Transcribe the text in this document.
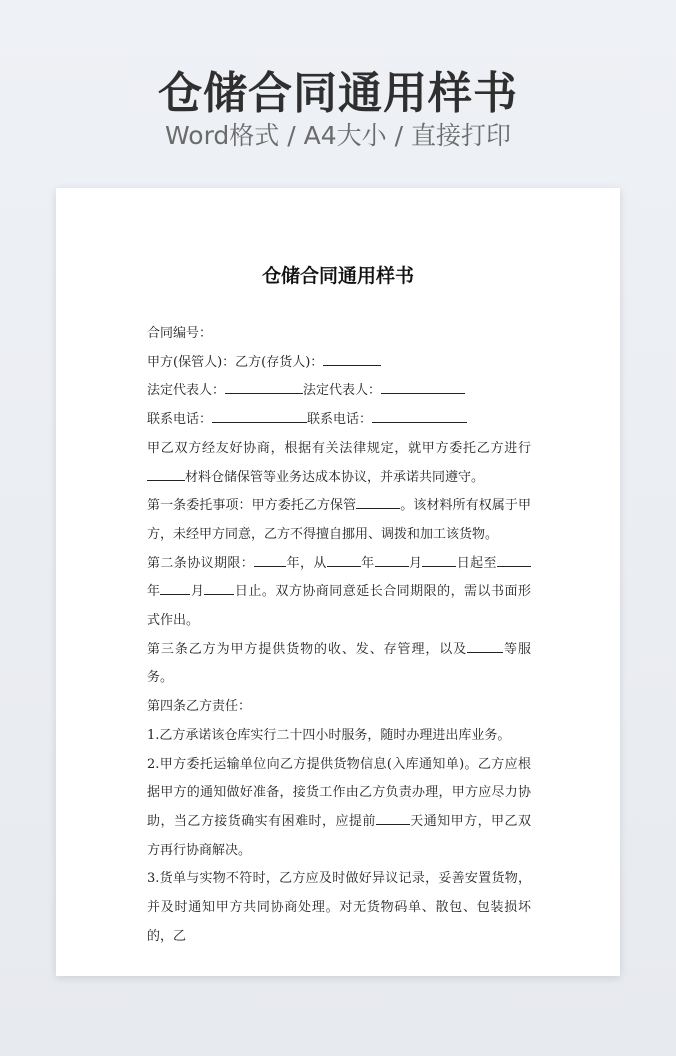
仓储合同通用样书
Word格式 / A4大小 / 直接打印
仓储合同通用样书

合同编号：

甲方(保管人)：乙方(存货人)：

法定代表人：	法定代表人：

联系电话：	联系电话：

甲乙双方经友好协商，根据有关法律规定，就甲方委托乙方进行材料仓储保管等业务达成本协议，并承诺共同遵守。

第一条委托事项：甲方委托乙方保管	。该材料所有权属于甲方，未经甲方同意，乙方不得擅自挪用、调拨和加工该货物。

第二条协议期限： 年，从	年	月	日起至年 月 日止。双方协商同意延长合同期限的，需以书面形式作出。

第三条乙方为甲方提供货物的收、发、存管理，以及	等服务。

第四条乙方责任：

1.乙方承诺该仓库实行二十四小时服务，随时办理进出库业务。

2.甲方委托运输单位向乙方提供货物信息(入库通知单)。乙方应根据甲方的通知做好准备，接货工作由乙方负责办理，甲方应尽力协助，当乙方接货确实有困难时，应提前	天通知甲方，甲乙双方再行协商解决。

3.货单与实物不符时，乙方应及时做好异议记录，妥善安置货物，并及时通知甲方共同协商处理。对无货物码单、散包、包装损坏的，乙
